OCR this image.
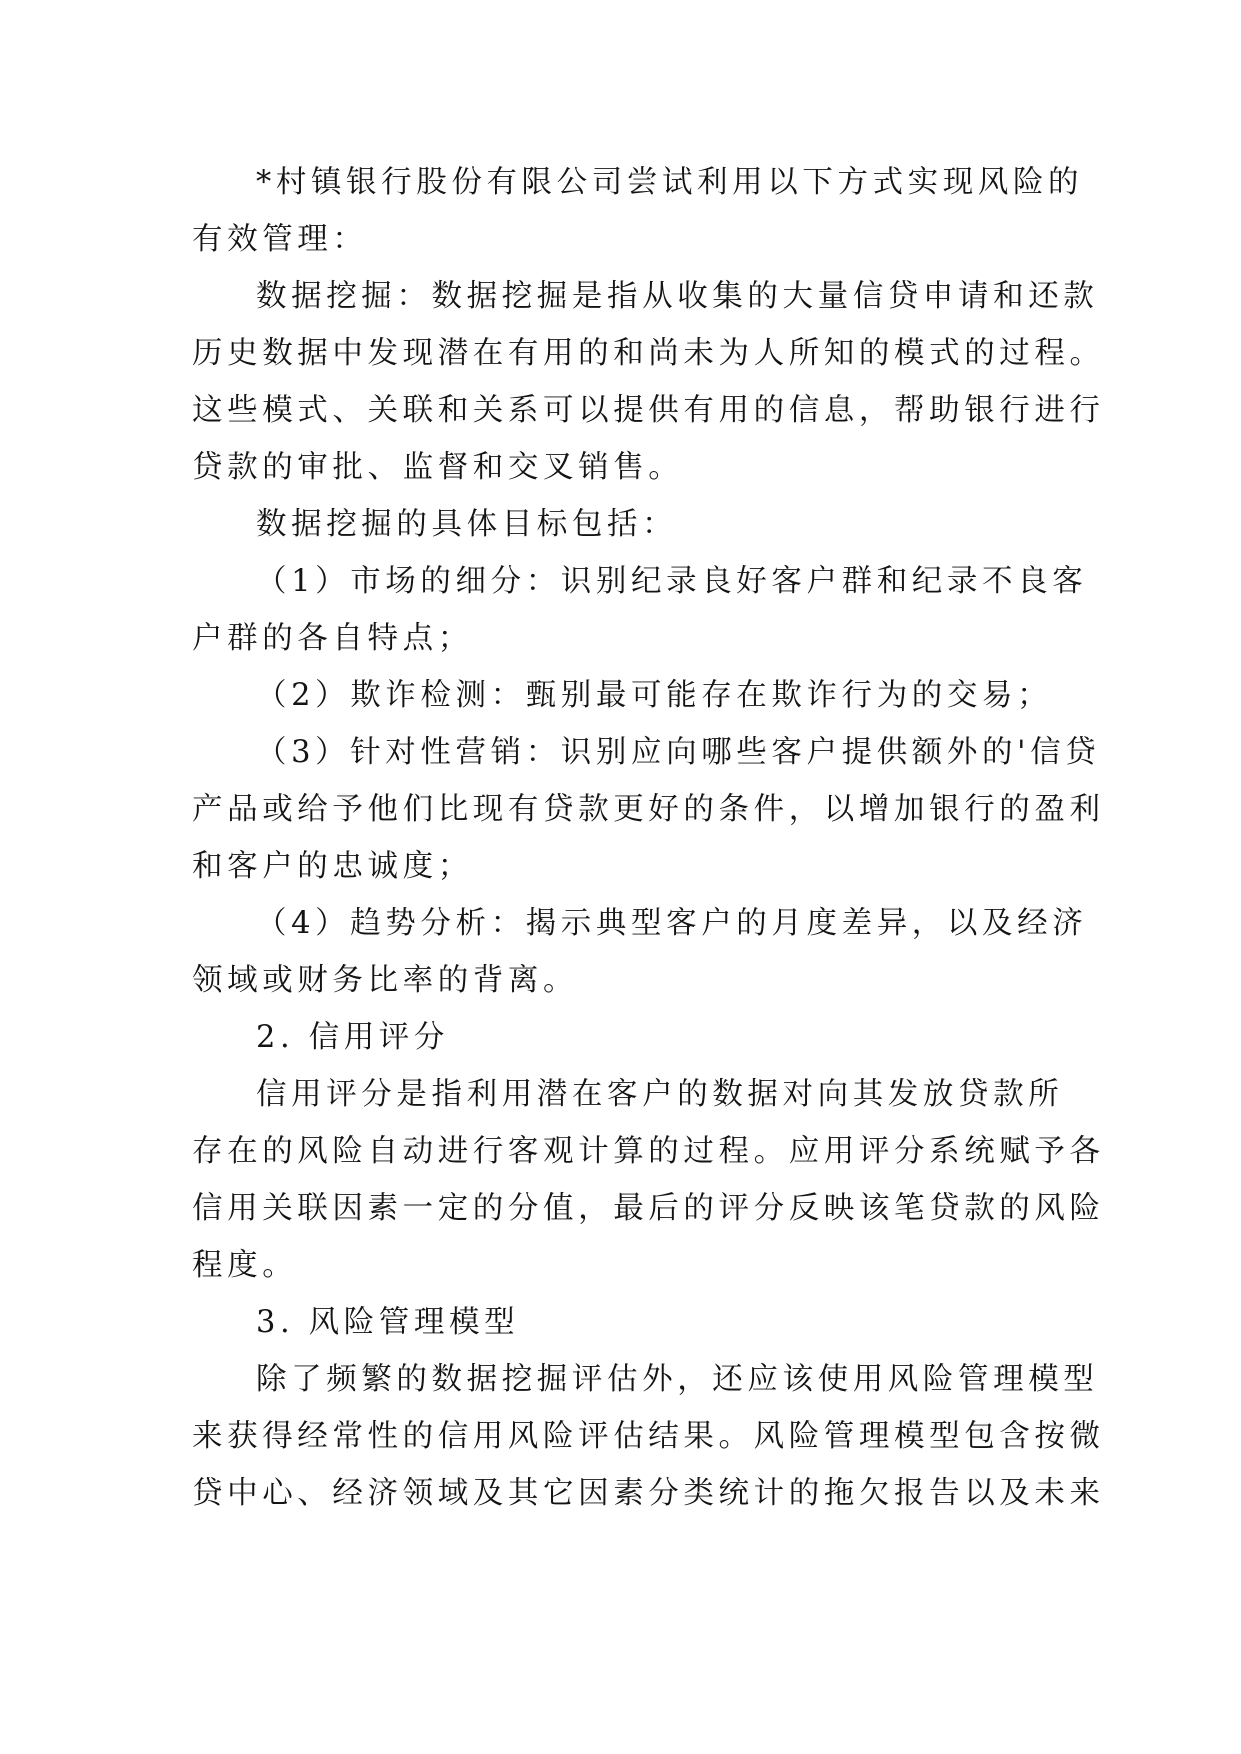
*村镇银行股份有限公司尝试利用以下方式实现风险的

有效管理：

数据挖掘：数据挖掘是指从收集的大量信贷申请和还款

历史数据中发现潜在有用的和尚未为人所知的模式的过程。

这些模式、关联和关系可以提供有用的信息，帮助银行进行

贷款的审批、监督和交叉销售。

数据挖掘的具体目标包括：

（1）市场的细分：识别纪录良好客户群和纪录不良客

户群的各自特点；

（2）欺诈检测：甄别最可能存在欺诈行为的交易；

（3）针对性营销：识别应向哪些客户提供额外的'信贷

产品或给予他们比现有贷款更好的条件，以增加银行的盈利

和客户的忠诚度；

（4）趋势分析：揭示典型客户的月度差异，以及经济

领域或财务比率的背离。

2. 信用评分

信用评分是指利用潜在客户的数据对向其发放贷款所

存在的风险自动进行客观计算的过程。应用评分系统赋予各

信用关联因素一定的分值，最后的评分反映该笔贷款的风险

程度。

3. 风险管理模型

除了频繁的数据挖掘评估外，还应该使用风险管理模型

来获得经常性的信用风险评估结果。风险管理模型包含按微

贷中心、经济领域及其它因素分类统计的拖欠报告以及未来
